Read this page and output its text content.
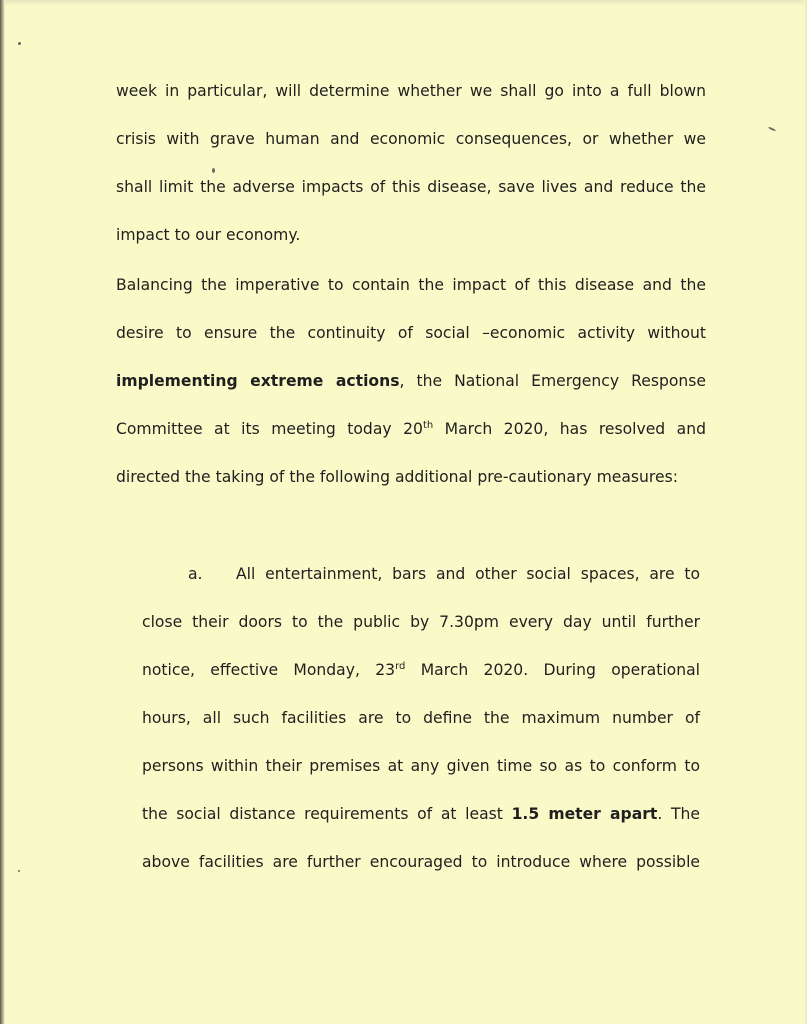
week in particular, will determine whether we shall go into a full blown
crisis with grave human and economic consequences, or whether we
shall limit the adverse impacts of this disease, save lives and reduce the
impact to our economy.
Balancing the imperative to contain the impact of this disease and the
desire to ensure the continuity of social –economic activity without
implementing extreme actions, the National Emergency Response
Committee at its meeting today 20th March 2020, has resolved and
directed the taking of the following additional pre-cautionary measures:
a. All entertainment, bars and other social spaces, are to
close their doors to the public by 7.30pm every day until further
notice, effective Monday, 23rd March 2020. During operational
hours, all such facilities are to define the maximum number of
persons within their premises at any given time so as to conform to
the social distance requirements of at least 1.5 meter apart. The
above facilities are further encouraged to introduce where possible
